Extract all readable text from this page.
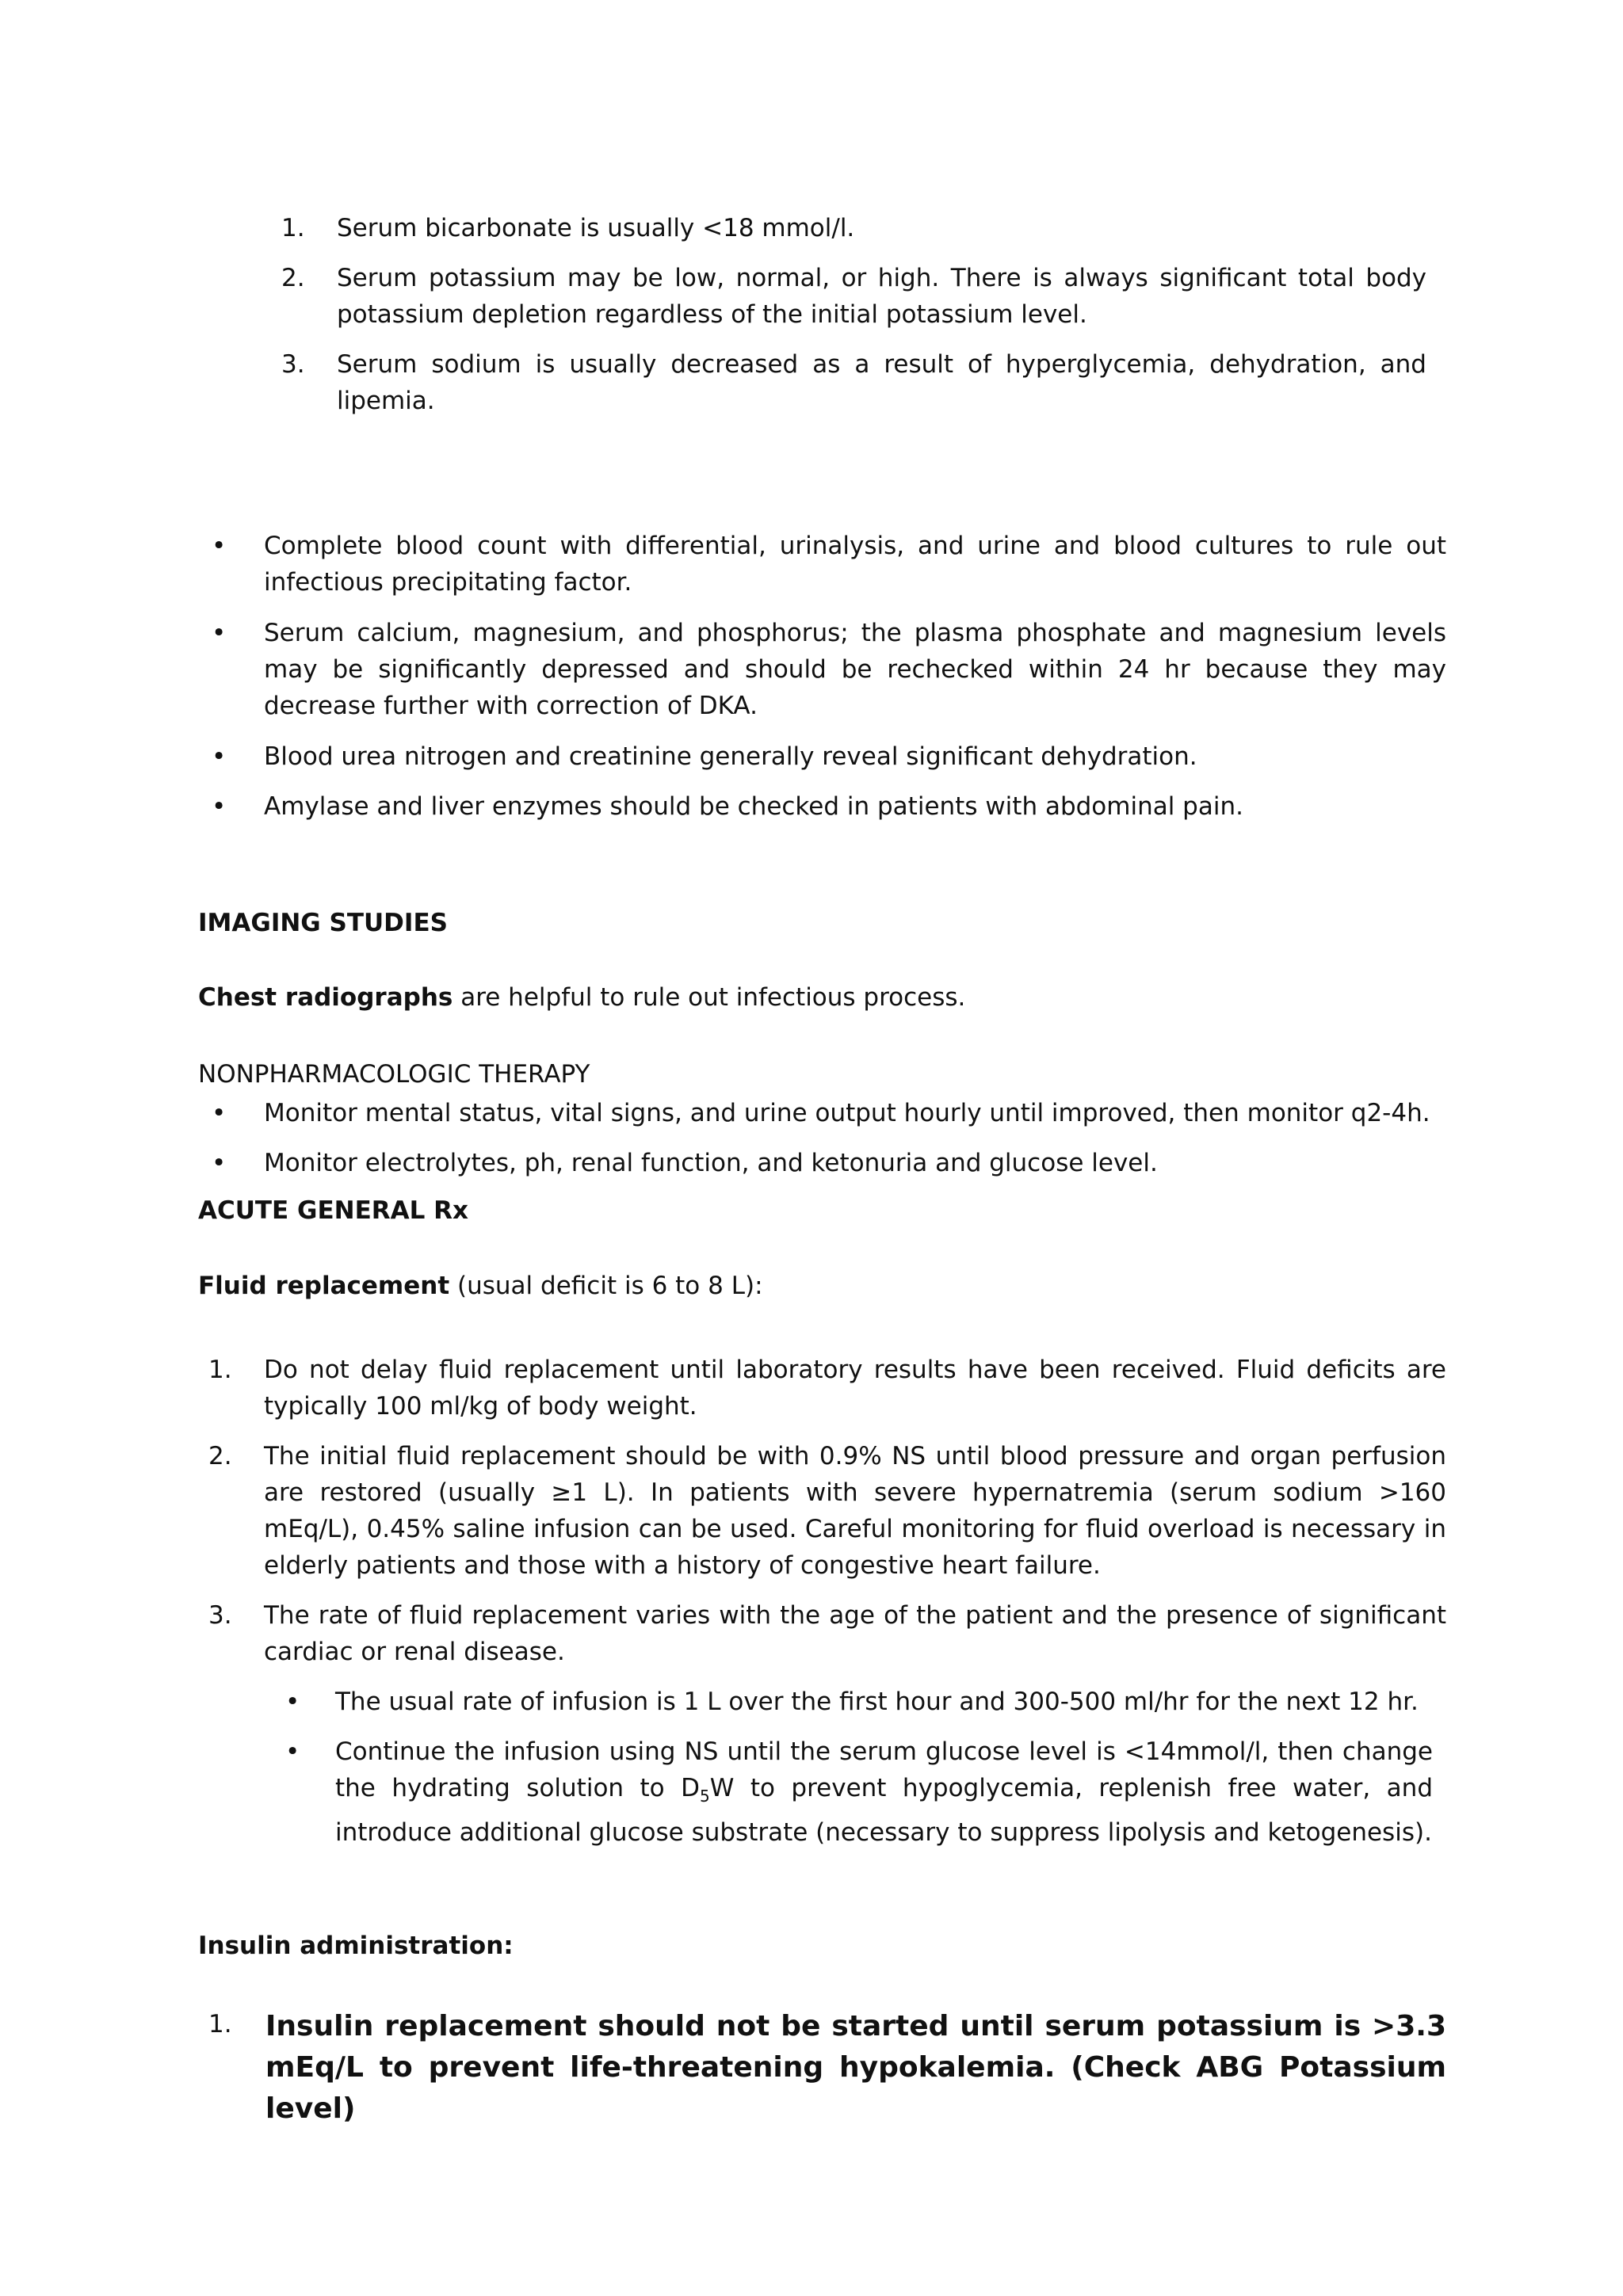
1. Serum bicarbonate is usually <18 mmol/l.
2. Serum potassium may be low, normal, or high. There is always significant total body potassium depletion regardless of the initial potassium level.
3. Serum sodium is usually decreased as a result of hyperglycemia, dehydration, and lipemia.
• Complete blood count with differential, urinalysis, and urine and blood cultures to rule out infectious precipitating factor.
• Serum calcium, magnesium, and phosphorus; the plasma phosphate and magnesium levels may be significantly depressed and should be rechecked within 24 hr because they may decrease further with correction of DKA.
• Blood urea nitrogen and creatinine generally reveal significant dehydration.
• Amylase and liver enzymes should be checked in patients with abdominal pain.
IMAGING STUDIES
Chest radiographs are helpful to rule out infectious process.
NONPHARMACOLOGIC THERAPY
• Monitor mental status, vital signs, and urine output hourly until improved, then monitor q2-4h.
• Monitor electrolytes, ph, renal function, and ketonuria and glucose level.
ACUTE GENERAL Rx
Fluid replacement (usual deficit is 6 to 8 L):
1. Do not delay fluid replacement until laboratory results have been received. Fluid deficits are typically 100 ml/kg of body weight.
2. The initial fluid replacement should be with 0.9% NS until blood pressure and organ perfusion are restored (usually ≥1 L). In patients with severe hypernatremia (serum sodium >160 mEq/L), 0.45% saline infusion can be used. Careful monitoring for fluid overload is necessary in elderly patients and those with a history of congestive heart failure.
3. The rate of fluid replacement varies with the age of the patient and the presence of significant cardiac or renal disease.
• The usual rate of infusion is 1 L over the first hour and 300-500 ml/hr for the next 12 hr.
• Continue the infusion using NS until the serum glucose level is <14mmol/l, then change the hydrating solution to $D_5W$ to prevent hypoglycemia, replenish free water, and introduce additional glucose substrate (necessary to suppress lipolysis and ketogenesis).
Insulin administration:
1. Insulin replacement should not be started until serum potassium is >3.3 mEq/L to prevent life-threatening hypokalemia. (Check ABG Potassium level)
